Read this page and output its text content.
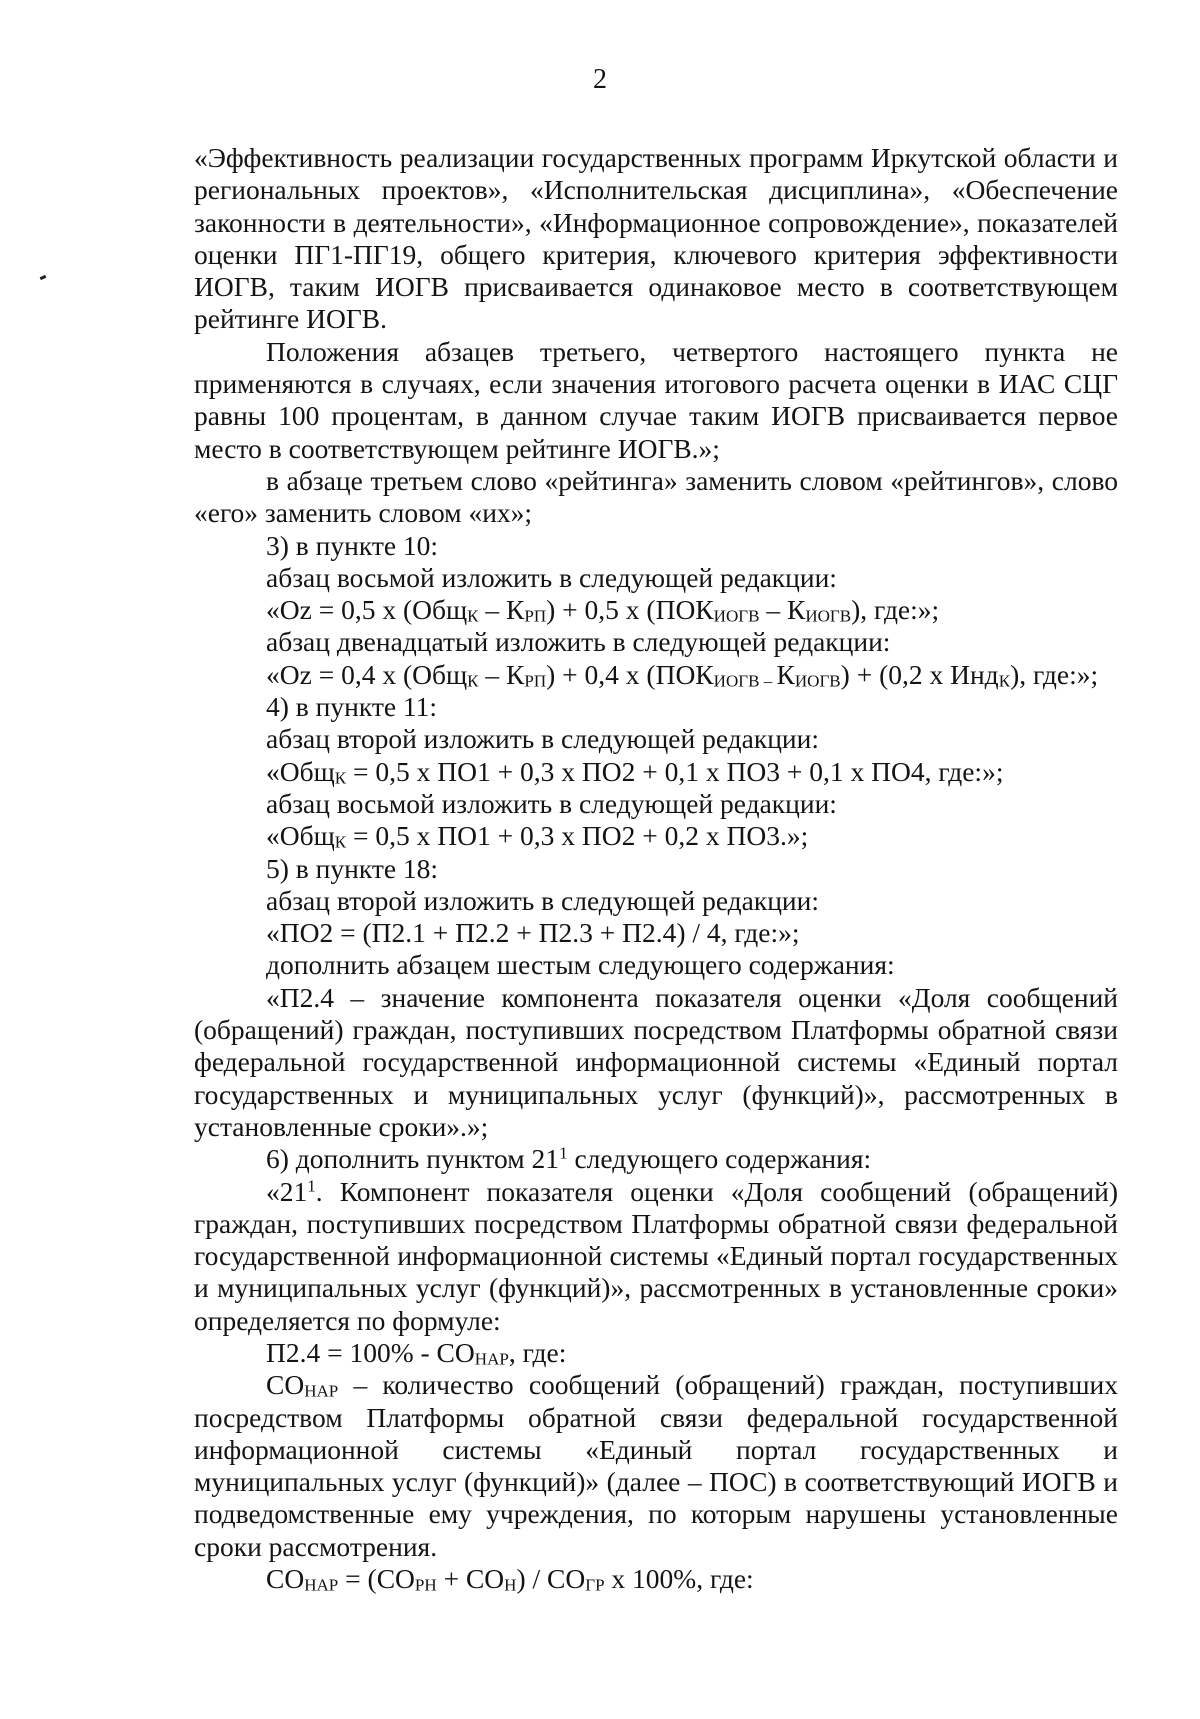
2

«Эффективность реализации государственных программ Иркутской области и региональных проектов», «Исполнительская дисциплина», «Обеспечение законности в деятельности», «Информационное сопровождение», показателей оценки ПГ1-ПГ19, общего критерия, ключевого критерия эффективности ИОГВ, таким ИОГВ присваивается одинаковое место в соответствующем рейтинге ИОГВ.

Положения абзацев третьего, четвертого настоящего пункта не применяются в случаях, если значения итогового расчета оценки в ИАС СЦГ равны 100 процентам, в данном случае таким ИОГВ присваивается первое место в соответствующем рейтинге ИОГВ.»;

в абзаце третьем слово «рейтинга» заменить словом «рейтингов», слово «его» заменить словом «их»;

3) в пункте 10:

абзац восьмой изложить в следующей редакции:

«Oz = 0,5 х $(Общ_К - К_{РП}) + 0,5$ х $(ПОК_{ИОГВ} - К_{ИОГВ})$, где:»;

абзац двенадцатый изложить в следующей редакции:

«Oz = 0,4 х $(Общ_К - К_{РП}) + 0,4$ х ($ПОК_{ИОГВ -}$ $К_{ИОГВ}) + (0,2$ х Инд$_К$), где:»;

4) в пункте 11:

абзац второй изложить в следующей редакции:

«Общ$_К$ = 0,5 х ПО1 + 0,3 х ПО2 + 0,1 х ПО3 + 0,1 х ПО4, где:»;

абзац восьмой изложить в следующей редакции:

«Общ$_К$ = 0,5 х ПО1 + 0,3 х ПО2 + 0,2 х ПО3.»;

5) в пункте 18:

абзац второй изложить в следующей редакции:

«ПО2 = (П2.1 + П2.2 + П2.3 + П2.4) / 4, где:»;

дополнить абзацем шестым следующего содержания:

«П2.4 – значение компонента показателя оценки «Доля сообщений (обращений) граждан, поступивших посредством Платформы обратной связи федеральной государственной информационной системы «Единый портал государственных и муниципальных услуг (функций)», рассмотренных в установленные сроки».»;

6) дополнить пунктом $21^1$ следующего содержания:

«$21^1$. Компонент показателя оценки «Доля сообщений (обращений) граждан, поступивших посредством Платформы обратной связи федеральной государственной информационной системы «Единый портал государственных и муниципальных услуг (функций)», рассмотренных в установленные сроки» определяется по формуле:

$П2.4 = 100\% - СО_{НАР}$, где:

$СО_{НАР}$ – количество сообщений (обращений) граждан, поступивших посредством Платформы обратной связи федеральной государственной информационной системы «Единый портал государственных и муниципальных услуг (функций)» (далее – ПОС) в соответствующий ИОГВ и подведомственные ему учреждения, по которым нарушены установленные сроки рассмотрения.

$СО_{НАР} = (СО_{РН} + СО_Н) / СО_{ГР}$ х 100%, где:
